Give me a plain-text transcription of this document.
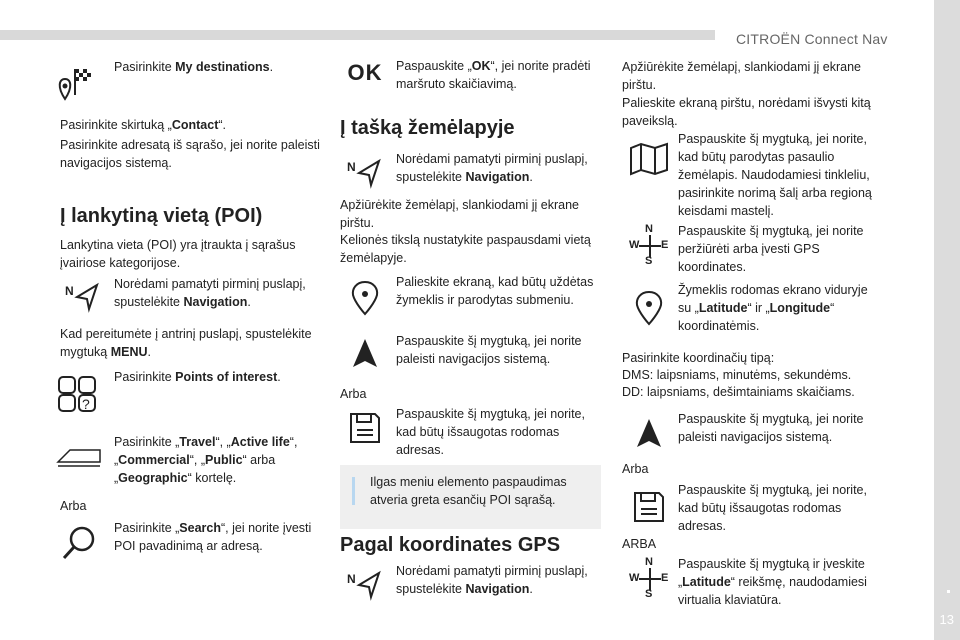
CITROËN Connect Nav
13
Pasirinkite My destinations.
Pasirinkite skirtuką „Contact“.
Pasirinkite adresatą iš sąrašo, jei norite paleisti navigacijos sistemą.
Į lankytiną vietą (POI)
Lankytina vieta (POI) yra įtraukta į sąrašus įvairiose kategorijose.
N	Norėdami pamatyti pirminį puslapį, spustelėkite Navigation.
Kad pereitumėte į antrinį puslapį, spustelėkite mygtuką MENU.
?
Pasirinkite Points of interest.
Pasirinkite „Travel“, „Active life“, „Commercial“, „Public“ arba „Geographic“ kortelę.
Arba
Pasirinkite „Search“, jei norite įvesti POI pavadinimą ar adresą.
OK Paspauskite „OK“, jei norite pradėti maršruto skaičiavimą.
Į tašką žemėlapyje
N
Norėdami pamatyti pirminį puslapį, spustelėkite Navigation.
Apžiūrėkite žemėlapį, slankiodami jį ekrane pirštu.
Kelionės tikslą nustatykite paspausdami vietą žemėlapyje.
Palieskite ekraną, kad būtų uždėtas žymeklis ir parodytas submeniu.
Paspauskite šį mygtuką, jei norite paleisti navigacijos sistemą.
Arba
Paspauskite šį mygtuką, jei norite, kad būtų išsaugotas rodomas adresas.
Ilgas meniu elemento paspaudimas atveria greta esančių POI sąrašą.
Pagal koordinates GPS
N
Norėdami pamatyti pirminį puslapį, spustelėkite Navigation.
Apžiūrėkite žemėlapį, slankiodami jį ekrane pirštu.
Palieskite ekraną pirštu, norėdami išvysti kitą paveikslą.
Paspauskite šį mygtuką, jei norite, kad būtų parodytas pasaulio žemėlapis. Naudodamiesi tinkleliu, pasirinkite norimą šalį arba regioną keisdami mastelį.
N
W E
S
Paspauskite šį mygtuką, jei norite peržiūrėti arba įvesti GPS koordinates.
Žymeklis rodomas ekrano viduryje su „Latitude“ ir „Longitude“ koordinatėmis.
Pasirinkite koordinačių tipą:
DMS: laipsniams, minutėms, sekundėms.
DD: laipsniams, dešimtainiams skaičiams.
Paspauskite šį mygtuką, jei norite paleisti navigacijos sistemą.
Arba
Paspauskite šį mygtuką, jei norite, kad būtų išsaugotas rodomas adresas.
ARBA
N
W E
S
Paspauskite šį mygtuką ir įveskite „Latitude“ reikšmę, naudodamiesi virtualia klaviatūra.
